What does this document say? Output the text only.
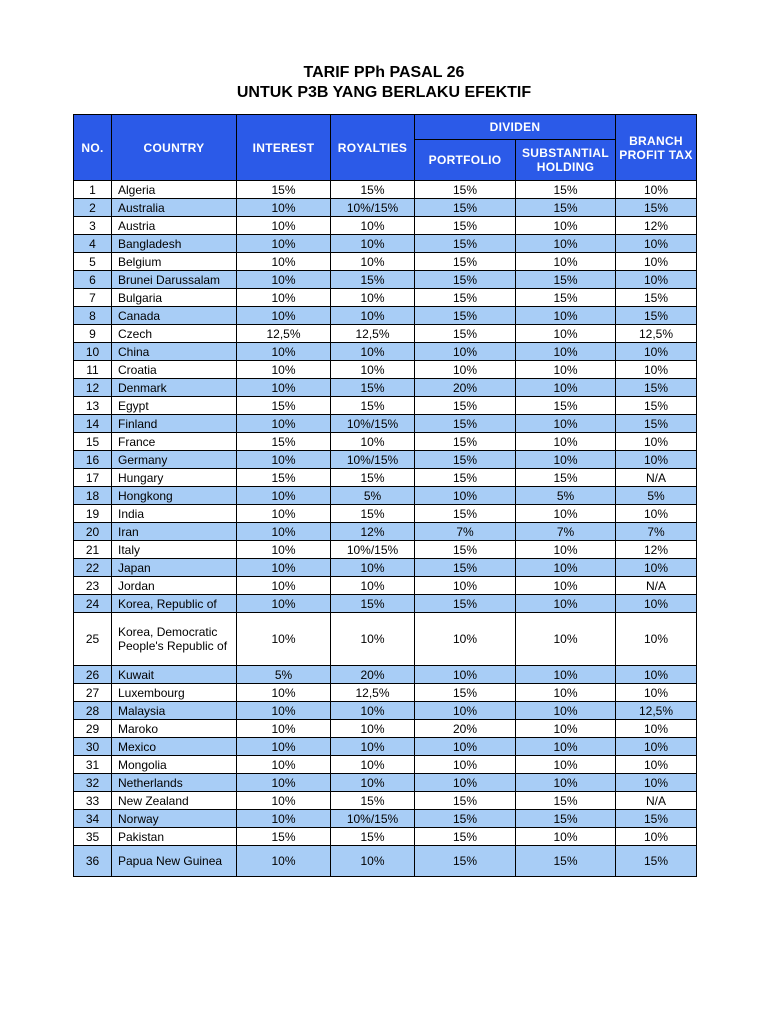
TARIF PPh PASAL 26
UNTUK P3B YANG BERLAKU EFEKTIF
NO.	COUNTRY	INTEREST	ROYALTIES	DIVIDEN		BRANCH PROFIT TAX
				PORTFOLIO	SUBSTANTIAL HOLDING	
1	Algeria	15%	15%	15%	15%	10%
2	Australia	10%	10%/15%	15%	15%	15%
3	Austria	10%	10%	15%	10%	12%
4	Bangladesh	10%	10%	15%	10%	10%
5	Belgium	10%	10%	15%	10%	10%
6	Brunei Darussalam	10%	15%	15%	15%	10%
7	Bulgaria	10%	10%	15%	15%	15%
8	Canada	10%	10%	15%	10%	15%
9	Czech	12,5%	12,5%	15%	10%	12,5%
10	China	10%	10%	10%	10%	10%
11	Croatia	10%	10%	10%	10%	10%
12	Denmark	10%	15%	20%	10%	15%
13	Egypt	15%	15%	15%	15%	15%
14	Finland	10%	10%/15%	15%	10%	15%
15	France	15%	10%	15%	10%	10%
16	Germany	10%	10%/15%	15%	10%	10%
17	Hungary	15%	15%	15%	15%	N/A
18	Hongkong	10%	5%	10%	5%	5%
19	India	10%	15%	15%	10%	10%
20	Iran	10%	12%	7%	7%	7%
21	Italy	10%	10%/15%	15%	10%	12%
22	Japan	10%	10%	15%	10%	10%
23	Jordan	10%	10%	10%	10%	N/A
24	Korea, Republic of	10%	15%	15%	10%	10%
25	Korea, Democratic People's Republic of	10%	10%	10%	10%	10%
26	Kuwait	5%	20%	10%	10%	10%
27	Luxembourg	10%	12,5%	15%	10%	10%
28	Malaysia	10%	10%	10%	10%	12,5%
29	Maroko	10%	10%	20%	10%	10%
30	Mexico	10%	10%	10%	10%	10%
31	Mongolia	10%	10%	10%	10%	10%
32	Netherlands	10%	10%	10%	10%	10%
33	New Zealand	10%	15%	15%	15%	N/A
34	Norway	10%	10%/15%	15%	15%	15%
35	Pakistan	15%	15%	15%	10%	10%
36	Papua New Guinea	10%	10%	15%	15%	15%
